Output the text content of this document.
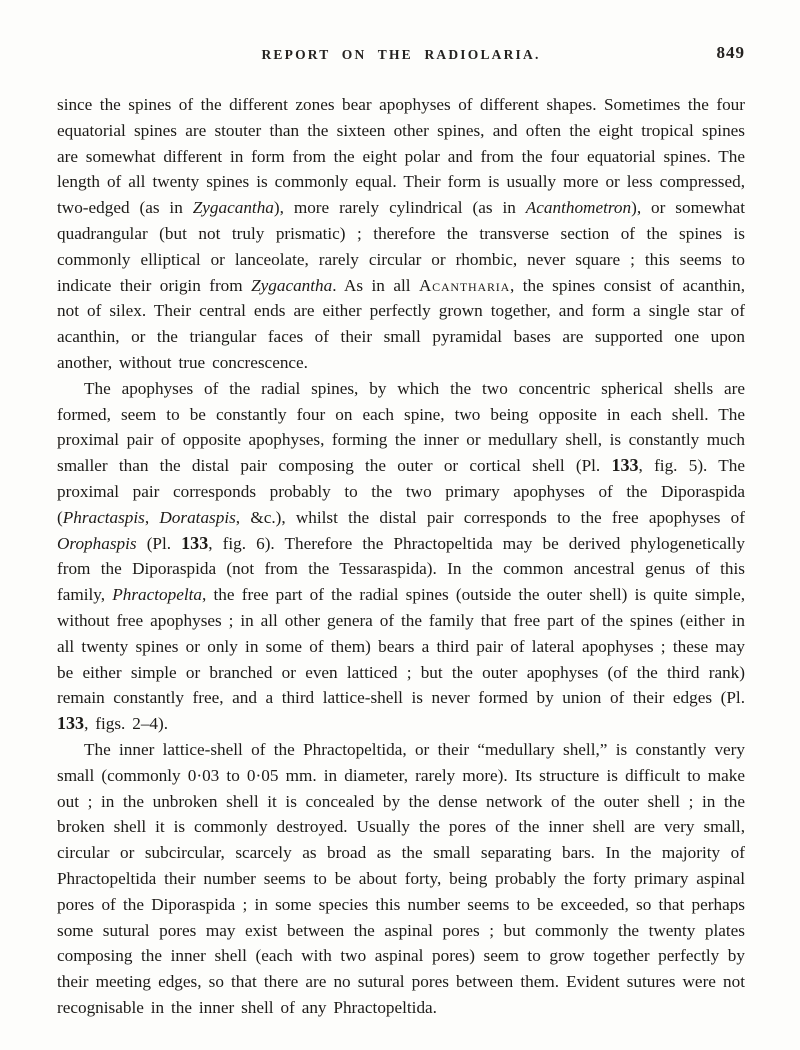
REPORT ON THE RADIOLARIA.	849

since the spines of the different zones bear apophyses of different shapes. Sometimes the four equatorial spines are stouter than the sixteen other spines, and often the eight tropical spines are somewhat different in form from the eight polar and from the four equatorial spines. The length of all twenty spines is commonly equal. Their form is usually more or less compressed, two-edged (as in Zygacantha), more rarely cylindrical (as in Acanthometron), or somewhat quadrangular (but not truly prismatic) ; therefore the transverse section of the spines is commonly elliptical or lanceolate, rarely circular or rhombic, never square ; this seems to indicate their origin from Zygacantha. As in all Acantharia, the spines consist of acanthin, not of silex. Their central ends are either perfectly grown together, and form a single star of acanthin, or the triangular faces of their small pyramidal bases are supported one upon another, without true concrescence.

The apophyses of the radial spines, by which the two concentric spherical shells are formed, seem to be constantly four on each spine, two being opposite in each shell. The proximal pair of opposite apophyses, forming the inner or medullary shell, is constantly much smaller than the distal pair composing the outer or cortical shell (Pl. 133, fig. 5). The proximal pair corresponds probably to the two primary apophyses of the Diporaspida (Phractaspis, Dorataspis, &c.), whilst the distal pair corresponds to the free apophyses of Orophaspis (Pl. 133, fig. 6). Therefore the Phractopeltida may be derived phylogenetically from the Diporaspida (not from the Tessaraspida). In the common ancestral genus of this family, Phractopelta, the free part of the radial spines (outside the outer shell) is quite simple, without free apophyses ; in all other genera of the family that free part of the spines (either in all twenty spines or only in some of them) bears a third pair of lateral apophyses ; these may be either simple or branched or even latticed ; but the outer apophyses (of the third rank) remain constantly free, and a third lattice-shell is never formed by union of their edges (Pl. 133, figs. 2–4).

The inner lattice-shell of the Phractopeltida, or their “medullary shell,” is constantly very small (commonly 0·03 to 0·05 mm. in diameter, rarely more). Its structure is difficult to make out ; in the unbroken shell it is concealed by the dense network of the outer shell ; in the broken shell it is commonly destroyed. Usually the pores of the inner shell are very small, circular or subcircular, scarcely as broad as the small separating bars. In the majority of Phractopeltida their number seems to be about forty, being probably the forty primary aspinal pores of the Diporaspida ; in some species this number seems to be exceeded, so that perhaps some sutural pores may exist between the aspinal pores ; but commonly the twenty plates composing the inner shell (each with two aspinal pores) seem to grow together perfectly by their meeting edges, so that there are no sutural pores between them. Evident sutures were not recognisable in the inner shell of any Phractopeltida.
